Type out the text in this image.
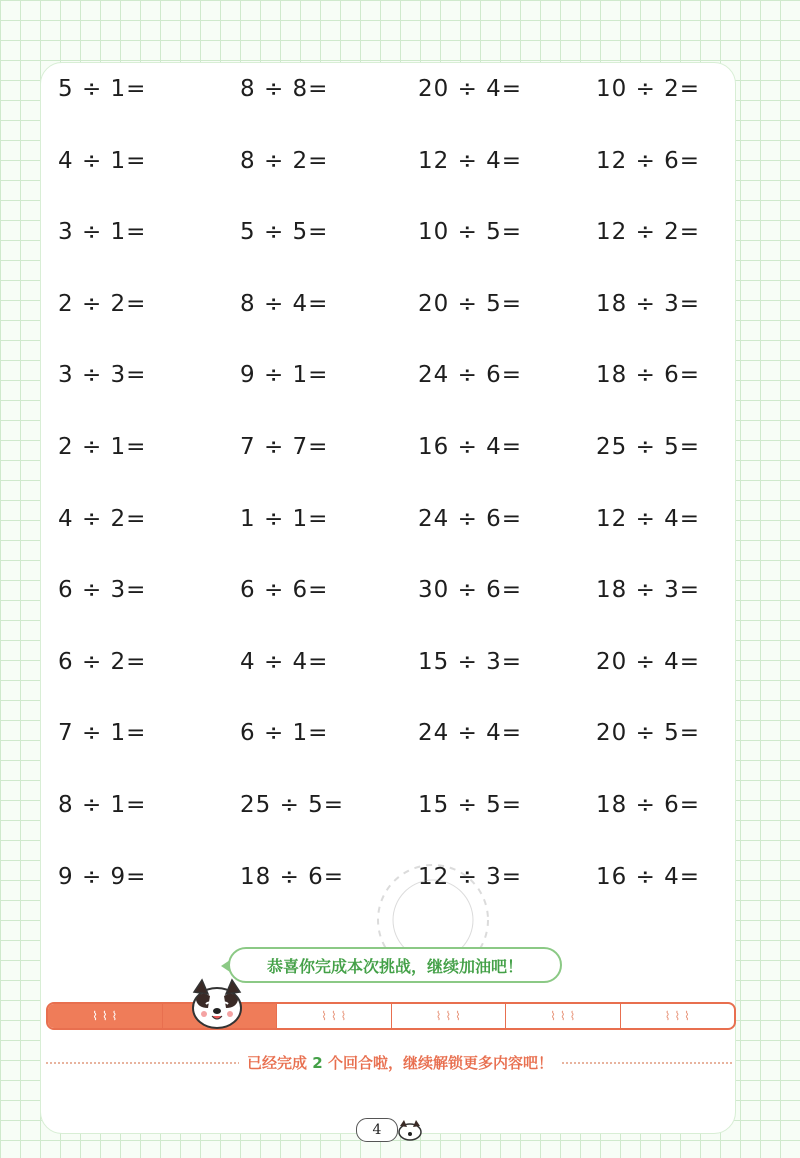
5 ÷ 1=	8 ÷ 8=	20 ÷ 4=	10 ÷ 2=
4 ÷ 1=	8 ÷ 2=	12 ÷ 4=	12 ÷ 6=
3 ÷ 1=	5 ÷ 5=	10 ÷ 5=	12 ÷ 2=
2 ÷ 2=	8 ÷ 4=	20 ÷ 5=	18 ÷ 3=
3 ÷ 3=	9 ÷ 1=	24 ÷ 6=	18 ÷ 6=
2 ÷ 1=	7 ÷ 7=	16 ÷ 4=	25 ÷ 5=
4 ÷ 2=	1 ÷ 1=	24 ÷ 6=	12 ÷ 4=
6 ÷ 3=	6 ÷ 6=	30 ÷ 6=	18 ÷ 3=
6 ÷ 2=	4 ÷ 4=	15 ÷ 3=	20 ÷ 4=
7 ÷ 1=	6 ÷ 1=	24 ÷ 4=	20 ÷ 5=
8 ÷ 1=	25 ÷ 5=	15 ÷ 5=	18 ÷ 6=
9 ÷ 9=	18 ÷ 6=	12 ÷ 3=	16 ÷ 4=
恭喜你完成本次挑战，继续加油吧！
⌇ ⌇ ⌇	⌇ ⌇ ⌇	⌇ ⌇ ⌇	⌇ ⌇ ⌇	⌇ ⌇ ⌇
已经完成 2 个回合啦，继续解锁更多内容吧！
4
